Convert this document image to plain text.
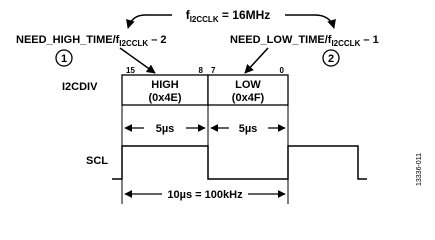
$f_{I2CCLK} = 16MHz$
$NEED\_HIGH\_TIME/f_{I2CCLK} - 2$
1
$NEED\_LOW\_TIME/f_{I2CCLK} - 1$
2
I2CDIV
15	8 7	0
HIGH
(0x4E)
LOW
(0x4F)
5µs	5µs
SCL
10µs = 100kHz
13336-011
